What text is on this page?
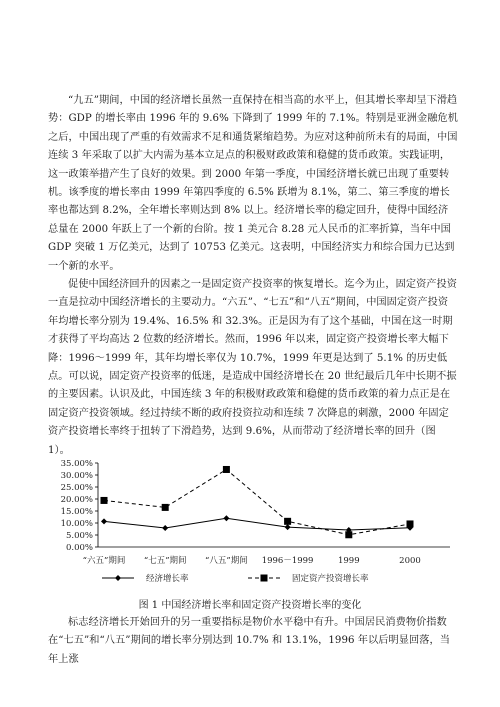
“九五”期间，中国的经济增长虽然一直保持在相当高的水平上，但其增长率却呈下滑趋势：GDP 的增长率由 1996 年的 9.6% 下降到了 1999 年的 7.1%。特别是亚洲金融危机之后，中国出现了严重的有效需求不足和通货紧缩趋势。为应对这种前所未有的局面，中国连续 3 年采取了以扩大内需为基本立足点的积极财政政策和稳健的货币政策。实践证明，这一政策举措产生了良好的效果。到 2000 年第一季度，中国经济增长就已出现了重要转机。该季度的增长率由 1999 年第四季度的 6.5% 跃增为 8.1%，第二、第三季度的增长率也都达到 8.2%，全年增长率则达到 8% 以上。经济增长率的稳定回升，使得中国经济总量在 2000 年跃上了一个新的台阶。按 1 美元合 8.28 元人民币的汇率折算，当年中国 GDP 突破 1 万亿美元，达到了 10753 亿美元。这表明，中国经济实力和综合国力已达到一个新的水平。

促使中国经济回升的因素之一是固定资产投资率的恢复增长。迄今为止，固定资产投资一直是拉动中国经济增长的主要动力。“六五”、“七五”和“八五”期间，中国固定资产投资年均增长率分别为 19.4%、16.5% 和 32.3%。正是因为有了这个基础，中国在这一时期才获得了平均高达 2 位数的经济增长。然而，1996 年以来，固定资产投资增长率大幅下降：1996～1999 年，其年均增长率仅为 10.7%，1999 年更是达到了 5.1% 的历史低点。可以说，固定资产投资率的低迷，是造成中国经济增长在 20 世纪最后几年中长期不振的主要因素。认识及此，中国连续 3 年的积极财政政策和稳健的货币政策的着力点正是在固定资产投资领域。经过持续不断的政府投资拉动和连续 7 次降息的刺激，2000 年固定资产投资增长率终于扭转了下滑趋势，达到 9.6%，从而带动了经济增长率的回升（图 1）。

0.00%
5.00%
10.00%
15.00%
20.00%
25.00%
30.00%
35.00%
“六五”期间 “七五”期间 “八五”期间 1996－1999	1999	2000
经济增长率	固定资产投资增长率
图 1 中国经济增长率和固定资产投资增长率的变化

标志经济增长开始回升的另一重要指标是物价水平稳中有升。中国居民消费物价指数在“七五”和“八五”期间的增长率分别达到 10.7% 和 13.1%，1996 年以后明显回落，当年上涨
